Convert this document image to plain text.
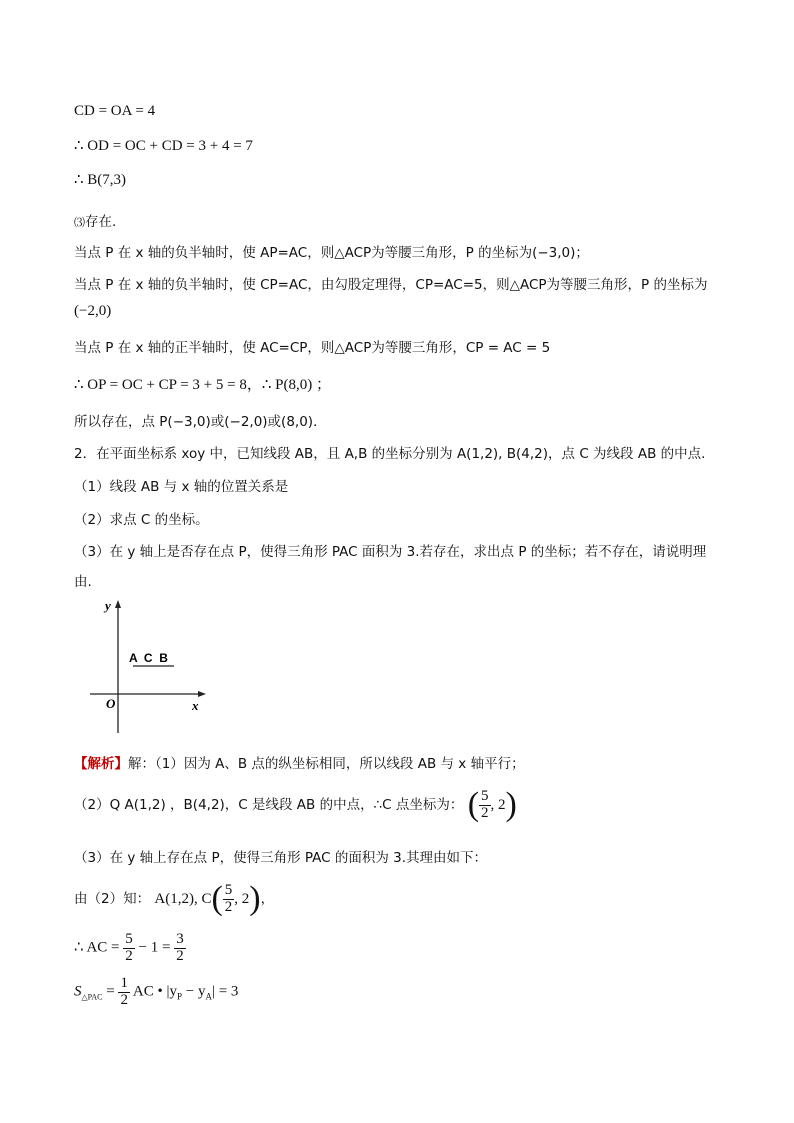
CD = OA = 4
∴ OD = OC + CD = 3 + 4 = 7
∴ B(7,3)
⑶存在.
当点 P 在 x 轴的负半轴时，使 AP=AC，则△ACP为等腰三角形，P 的坐标为(−3,0)；
当点 P 在 x 轴的负半轴时，使 CP=AC，由勾股定理得，CP=AC=5，则△ACP为等腰三角形，P 的坐标为
(−2,0)
当点 P 在 x 轴的正半轴时，使 AC=CP，则△ACP为等腰三角形，CP = AC = 5
∴ OP = OC + CP = 3 + 5 = 8，∴ P(8,0) ；
所以存在，点 P(−3,0)或(−2,0)或(8,0)．
2．在平面坐标系 xoy 中，已知线段 AB，且 A,B 的坐标分别为 A(1,2), B(4,2)，点 C 为线段 AB 的中点.
（1）线段 AB 与 x 轴的位置关系是
（2）求点 C 的坐标。
（3）在 y 轴上是否存在点 P，使得三角形 PAC 面积为 3.若存在，求出点 P 的坐标；若不存在，请说明理
由.
y
x
O
A  C  B
【解析】解：（1）因为 A、B 点的纵坐标相同，所以线段 AB 与 x 轴平行；
（2）Q A(1,2) ，B(4,2)，C 是线段 AB 的中点，∴C 点坐标为： ( $\frac{5}{2}$ , 2)
（3）在 y 轴上存在点 P，使得三角形 PAC 的面积为 3.其理由如下：
由（2）知： A(1,2), $C( \frac{5}{2}$ , 2)，
∴ AC = $\frac{5}{2} - 1 = \frac{3}{2}$
$S_{\triangle PAC} = \frac{1}{2}$ AC • $|y_P - y_A| = 3$
